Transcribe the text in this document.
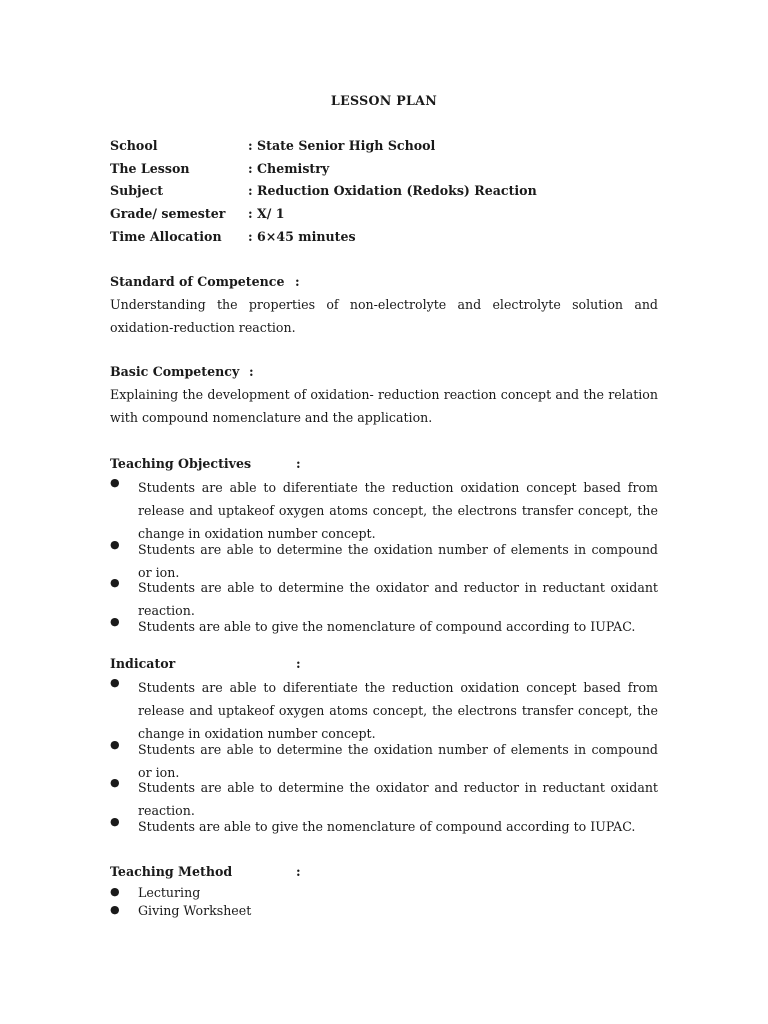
LESSON PLAN
School	: State Senior High School
The Lesson	: Chemistry
Subject	: Reduction Oxidation (Redoks) Reaction
Grade/ semester : X/ 1
Time Allocation : 6×45 minutes
Standard of Competence :
Understanding the properties of non-electrolyte and electrolyte solution and oxidation-reduction reaction.
Basic Competency :
Explaining the development of oxidation- reduction reaction concept and the relation with compound nomenclature and the application.
Teaching Objectives	:
● Students are able to diferentiate the reduction oxidation concept based from release and uptakeof oxygen atoms concept, the electrons transfer concept, the change in oxidation number concept.
● Students are able to determine the oxidation number of elements in compound or ion.
● Students are able to determine the oxidator and reductor in reductant oxidant reaction.
● Students are able to give the nomenclature of compound according to IUPAC.
Indicator	:
● Students are able to diferentiate the reduction oxidation concept based from release and uptakeof oxygen atoms concept, the electrons transfer concept, the change in oxidation number concept.
● Students are able to determine the oxidation number of elements in compound or ion.
● Students are able to determine the oxidator and reductor in reductant oxidant reaction.
● Students are able to give the nomenclature of compound according to IUPAC.
Teaching Method	:
● Lecturing
● Giving Worksheet
